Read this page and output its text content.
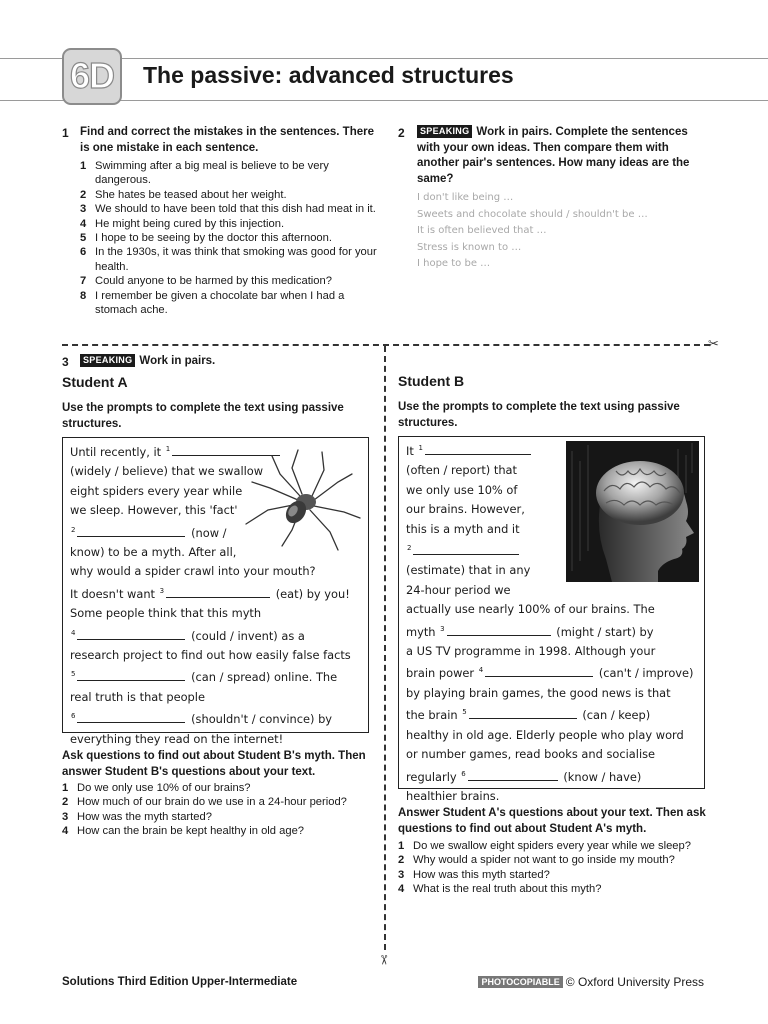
6D The passive: advanced structures
1 Find and correct the mistakes in the sentences. There is one mistake in each sentence.
1 Swimming after a big meal is believe to be very dangerous.
2 She hates be teased about her weight.
3 We should to have been told that this dish had meat in it.
4 He might being cured by this injection.
5 I hope to be seeing by the doctor this afternoon.
6 In the 1930s, it was think that smoking was good for your health.
7 Could anyone to be harmed by this medication?
8 I remember be given a chocolate bar when I had a stomach ache.
2	SPEAKING Work in pairs. Complete the sentences with your own ideas. Then compare them with another pair's sentences. How many ideas are the same?
I don't like being …
Sweets and chocolate should / shouldn't be …
It is often believed that …
Stress is known to …
I hope to be …
✂
✂
3	SPEAKING Work in pairs.
Student A
Use the prompts to complete the text using passive structures.
Until recently, it $^1$
(widely / believe) that we swallow
eight spiders every year while
we sleep. However, this 'fact'
$^2$	(now /
know) to be a myth. After all,
why would a spider crawl into your mouth?
It doesn't want $^3$	(eat) by you!
Some people think that this myth
$^4$	(could / invent) as a
research project to find out how easily false facts
$^5$	(can / spread) online. The
real truth is that people
$^6$	(shouldn't / convince) by
everything they read on the internet!
Ask questions to find out about Student B's myth. Then answer Student B's questions about your text.
1 Do we only use 10% of our brains?
2 How much of our brain do we use in a 24-hour period?
3 How was the myth started?
4 How can the brain be kept healthy in old age?
Student B
Use the prompts to complete the text using passive structures.
It $^1$
(often / report) that
we only use 10% of
our brains. However,
this is a myth and it
$^2$
(estimate) that in any
24-hour period we
actually use nearly 100% of our brains. The
myth $^3$	(might / start) by
a US TV programme in 1998. Although your
brain power $^4$	(can't / improve)
by playing brain games, the good news is that
the brain $^5$	(can / keep)
healthy in old age. Elderly people who play word
or number games, read books and socialise
regularly $^6$	(know / have)
healthier brains.
Answer Student A's questions about your text. Then ask questions to find out about Student A's myth.
1 Do we swallow eight spiders every year while we sleep?
2 Why would a spider not want to go inside my mouth?
3 How was this myth started?
4 What is the real truth about this myth?
Solutions Third Edition Upper-Intermediate	PHOTOCOPIABLE © Oxford University Press
